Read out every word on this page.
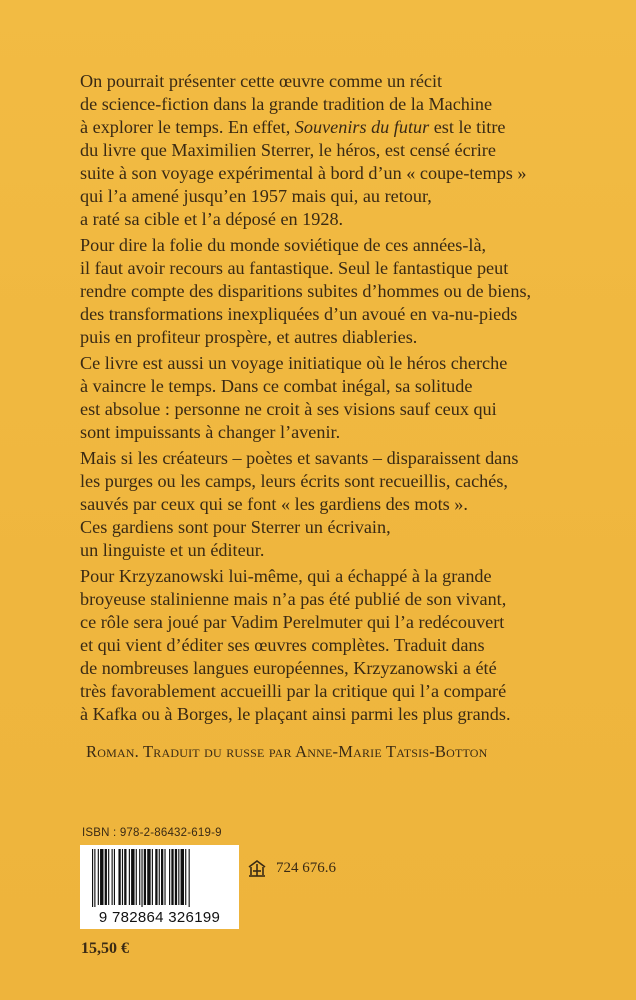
On pourrait présenter cette œuvre comme un récit
de science-fiction dans la grande tradition de la Machine
à explorer le temps. En effet, Souvenirs du futur est le titre
du livre que Maximilien Sterrer, le héros, est censé écrire
suite à son voyage expérimental à bord d’un « coupe-temps »
qui l’a amené jusqu’en 1957 mais qui, au retour,
a raté sa cible et l’a déposé en 1928.

Pour dire la folie du monde soviétique de ces années-là,
il faut avoir recours au fantastique. Seul le fantastique peut
rendre compte des disparitions subites d’hommes ou de biens,
des transformations inexpliquées d’un avoué en va-nu-pieds
puis en profiteur prospère, et autres diableries.

Ce livre est aussi un voyage initiatique où le héros cherche
à vaincre le temps. Dans ce combat inégal, sa solitude
est absolue : personne ne croit à ses visions sauf ceux qui
sont impuissants à changer l’avenir.

Mais si les créateurs – poètes et savants – disparaissent dans
les purges ou les camps, leurs écrits sont recueillis, cachés,
sauvés par ceux qui se font « les gardiens des mots ».
Ces gardiens sont pour Sterrer un écrivain,
un linguiste et un éditeur.

Pour Krzyzanowski lui-même, qui a échappé à la grande
broyeuse stalinienne mais n’a pas été publié de son vivant,
ce rôle sera joué par Vadim Perelmuter qui l’a redécouvert
et qui vient d’éditer ses œuvres complètes. Traduit dans
de nombreuses langues européennes, Krzyzanowski a été
très favorablement accueilli par la critique qui l’a comparé
à Kafka ou à Borges, le plaçant ainsi parmi les plus grands.

Roman. Traduit du russe par Anne-Marie Tatsis-Botton
ISBN : 978-2-86432-619-9
9 782864 326199
724 676.6
15,50 €
